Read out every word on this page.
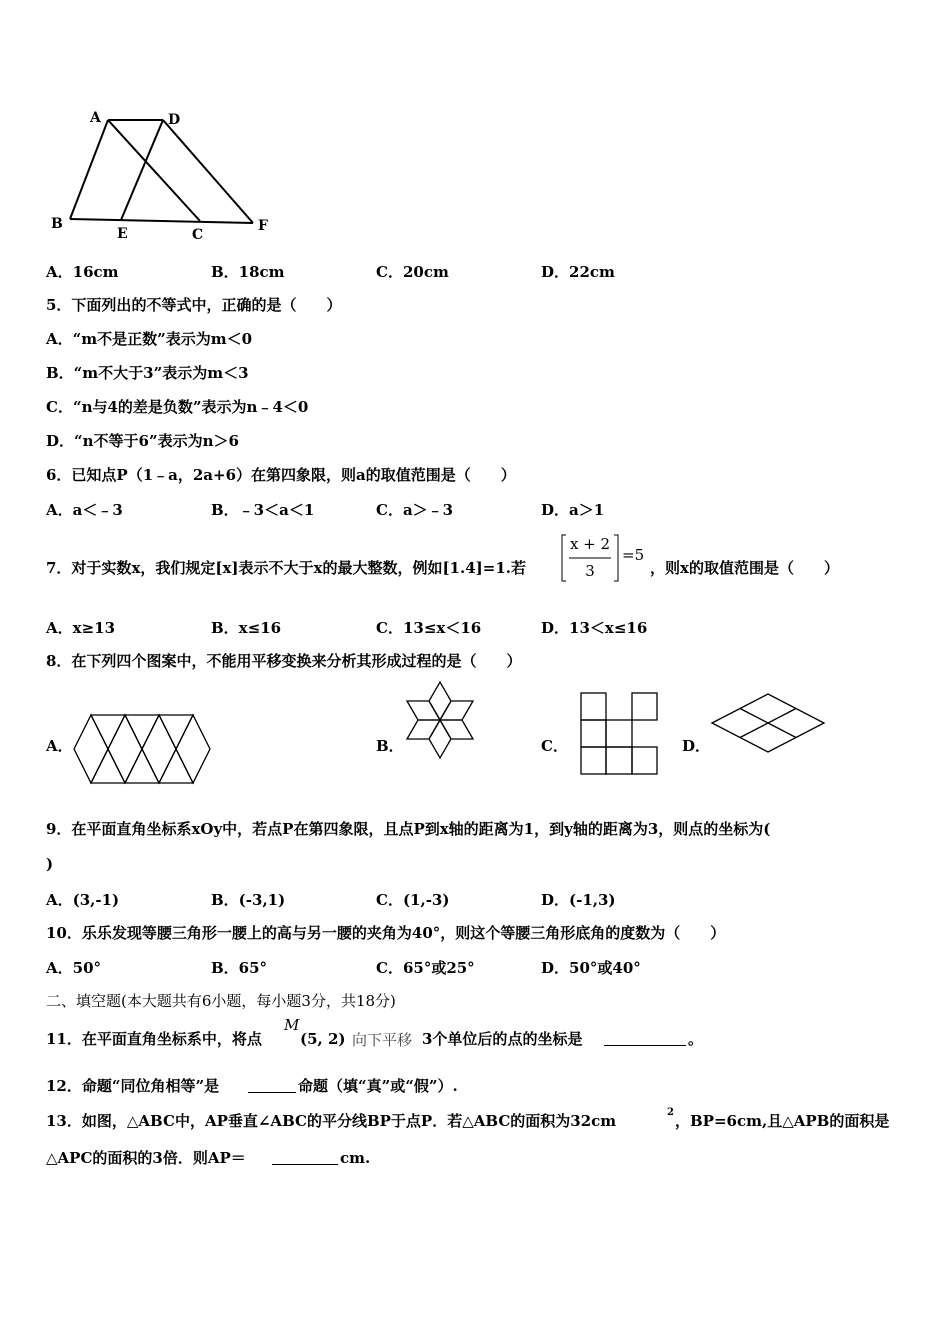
A	D
B
E	C
F
A．16cm	B．18cm	C．20cm	D．22cm
5．下面列出的不等式中，正确的是（　　）
A．“m不是正数”表示为m＜0
B．“m不大于3”表示为m＜3
C．“n与4的差是负数”表示为n﹣4＜0
D．“n不等于6”表示为n＞6
6．已知点P（1﹣a，2a+6）在第四象限，则a的取值范围是（　　）
A．a＜﹣3	B．﹣3＜a＜1	C．a＞﹣3	D．a＞1
7．对于实数x，我们规定[x]表示不大于x的最大整数，例如[1.4]=1.若
x + 2
3
=5
，则x的取值范围是（　　）
A．x≥13	B．x≤16	C．13≤x＜16	D．13＜x≤16
8．在下列四个图案中，不能用平移变换来分析其形成过程的是（　　）
A．	B．	C．	D．
9．在平面直角坐标系xOy中，若点P在第四象限，且点P到x轴的距离为1，到y轴的距离为3，则点的坐标为(
)
A．(3,-1)	B．(-3,1)	C．(1,-3)	D．(-1,3)
10．乐乐发现等腰三角形一腰上的高与另一腰的夹角为40°，则这个等腰三角形底角的度数为（　　）
A．50°	B．65°	C．65°或25°	D．50°或40°
二、填空题(本大题共有6小题，每小题3分，共18分)
11．在平面直角坐标系中，将点
M
(5, 2) 向下平移 3个单位后的点的坐标是	。
12．命题“同位角相等”是	命题（填“真”或“假”）.
13．如图，△ABC中，AP垂直∠ABC的平分线BP于点P．若△ABC的面积为32cm	2 ，BP=6cm,且△APB的面积是
△APC的面积的3倍．则AP＝	cm.
